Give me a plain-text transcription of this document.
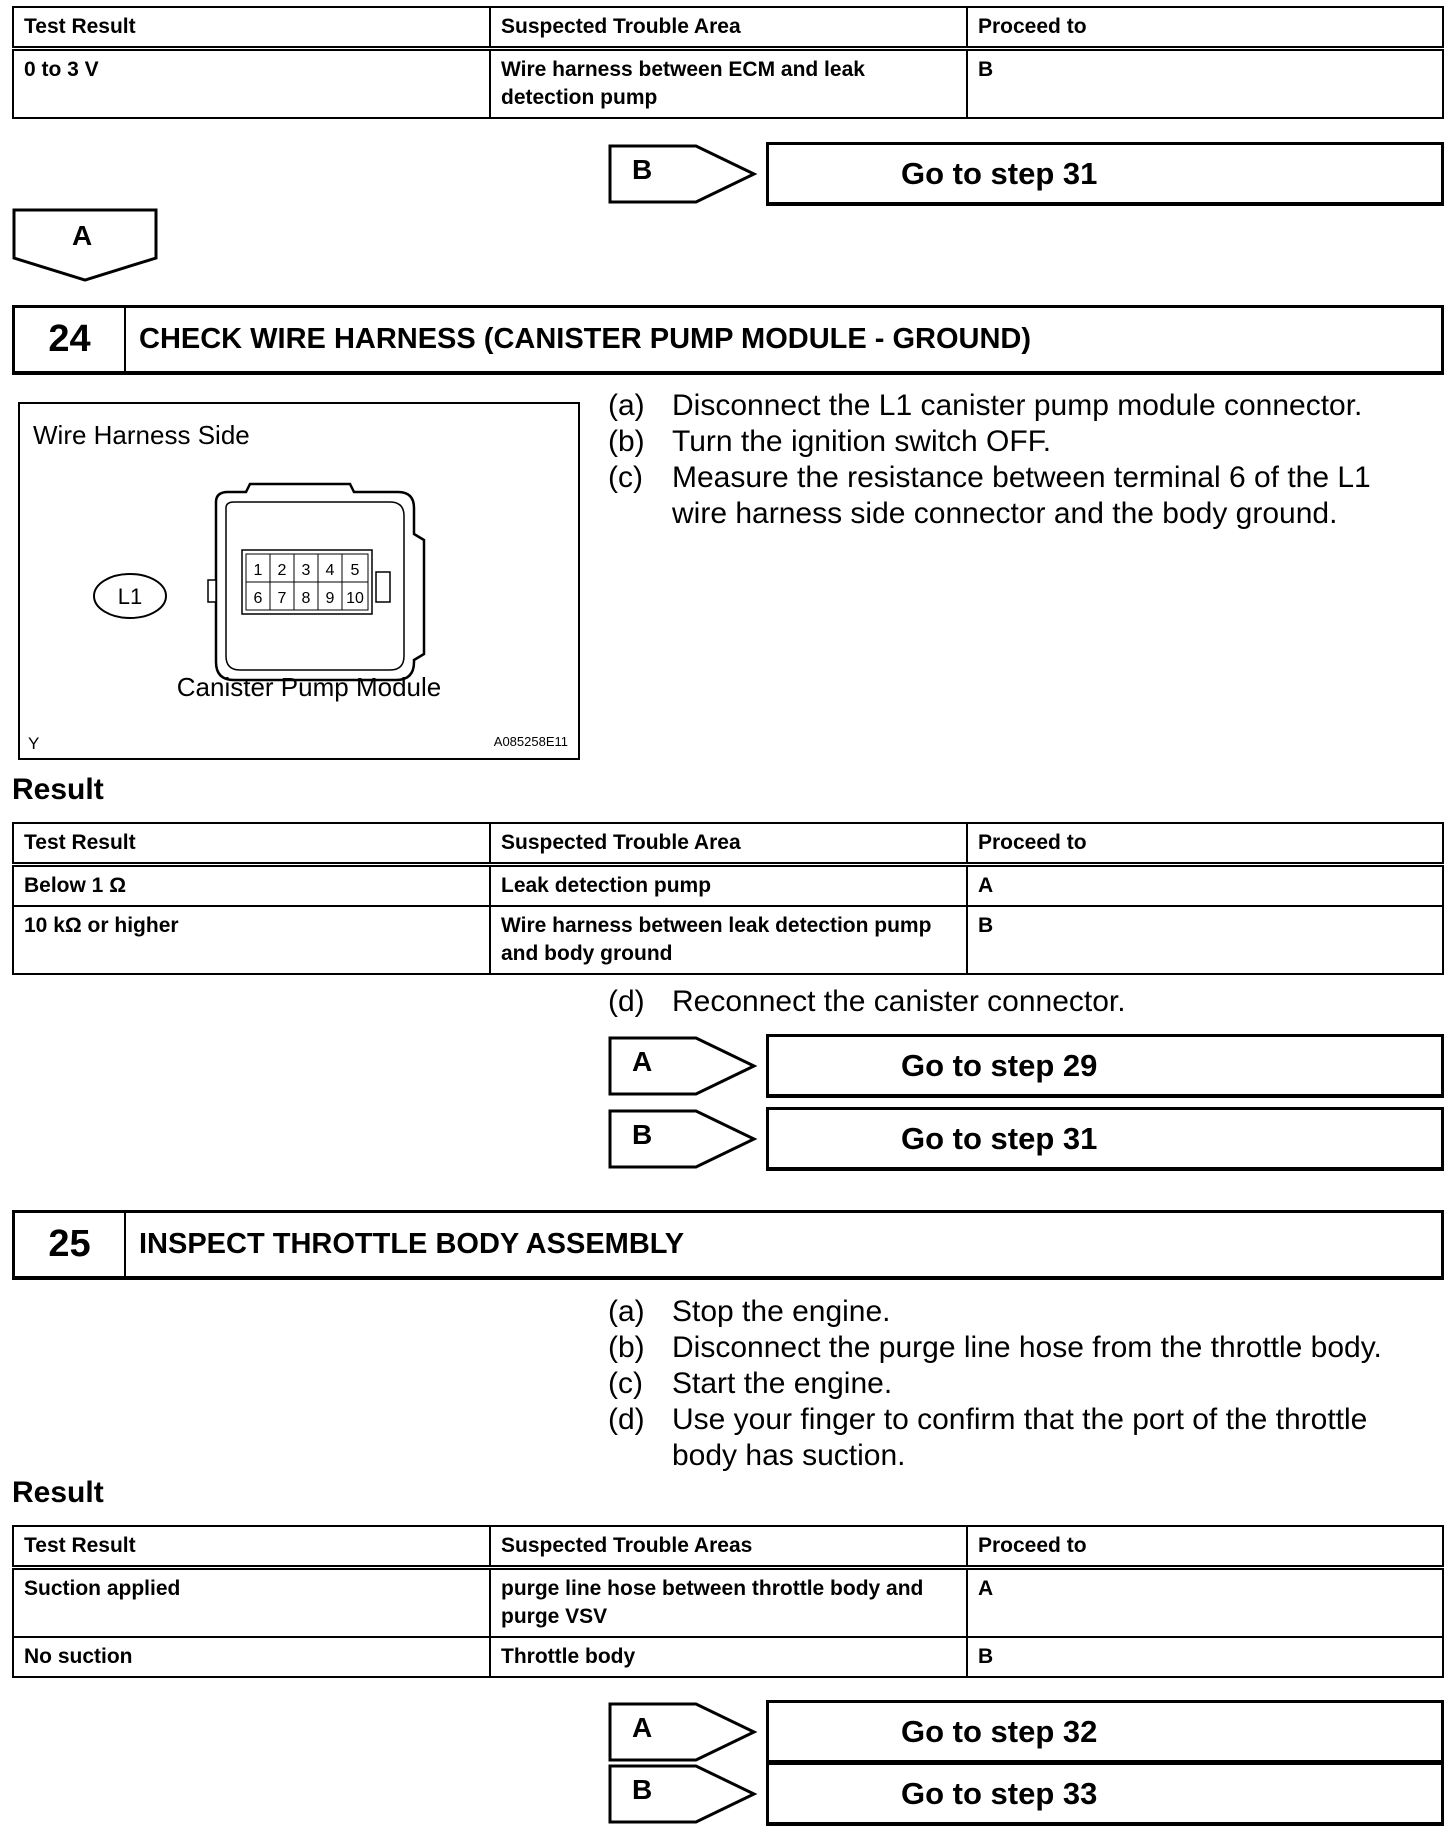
Test Result	Suspected Trouble Area	Proceed to
0 to 3 V	Wire harness between ECM and leak detection pump	B
B	Go to step 31
A
24	CHECK WIRE HARNESS (CANISTER PUMP MODULE - GROUND)
(a) Disconnect the L1 canister pump module connector.
(b) Turn the ignition switch OFF.
(c) Measure the resistance between terminal 6 of the L1 wire harness side connector and the body ground.
1 2 3 4 5
6 7 8 9 10
L1
Wire Harness Side
Canister Pump Module
Y	A085258E11
Result
Test Result	Suspected Trouble Area	Proceed to
Below 1 Ω	Leak detection pump	A
10 kΩ or higher	Wire harness between leak detection pump and body ground	B
(d) Reconnect the canister connector.
A	Go to step 29
B	Go to step 31
25	INSPECT THROTTLE BODY ASSEMBLY
(a) Stop the engine.
(b) Disconnect the purge line hose from the throttle body.
(c) Start the engine.
(d) Use your finger to confirm that the port of the throttle body has suction.
Result
Test Result	Suspected Trouble Areas	Proceed to
Suction applied	purge line hose between throttle body and purge VSV	A
No suction	Throttle body	B
A	Go to step 32
B	Go to step 33
